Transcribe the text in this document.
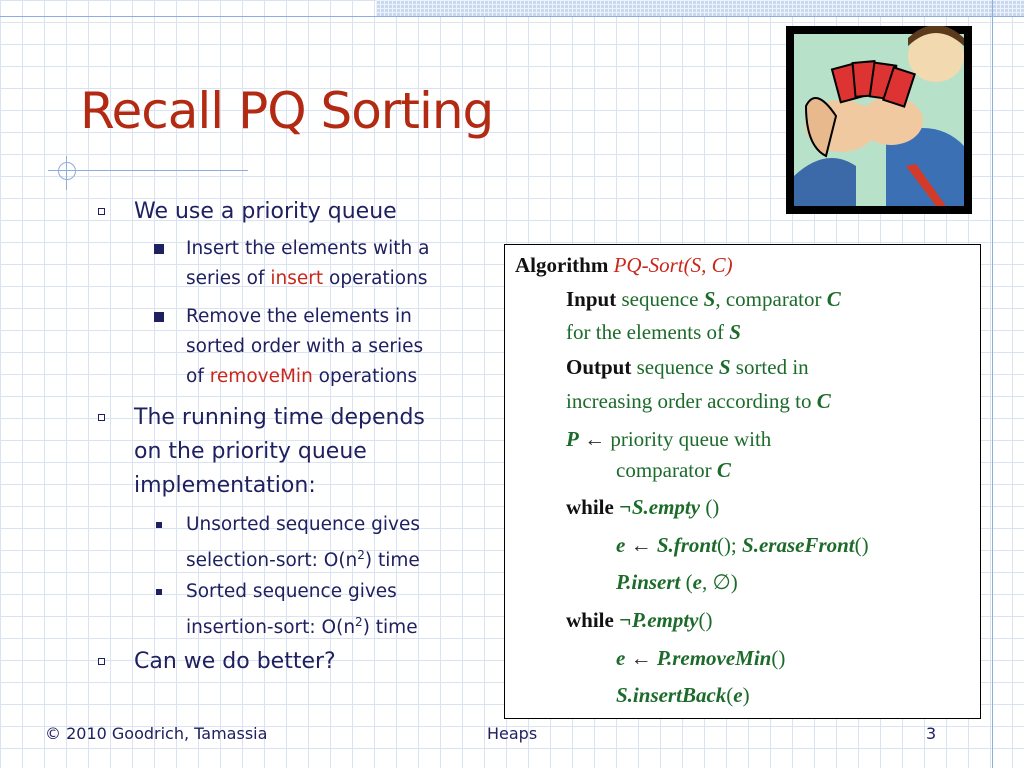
Recall PQ Sorting
We use a priority queue
Insert the elements with a
series of insert operations
Remove the elements in
sorted order with a series
of removeMin operations
The running time depends
on the priority queue
implementation:
Unsorted sequence gives
selection-sort: $O(n^2)$ time
Sorted sequence gives
insertion-sort: $O(n^2)$ time
Can we do better?
Algorithm PQ-Sort(S, C)
Input sequence S, comparator C
for the elements of S
Output sequence S sorted in
increasing order according to C
P ← priority queue with
comparator C
while ¬S.empty ()
e ← S.front(); S.eraseFront()
P.insert (e, ∅)
while ¬P.empty()
e ← P.removeMin()
S.insertBack(e)
© 2010 Goodrich, Tamassia	Heaps	3
